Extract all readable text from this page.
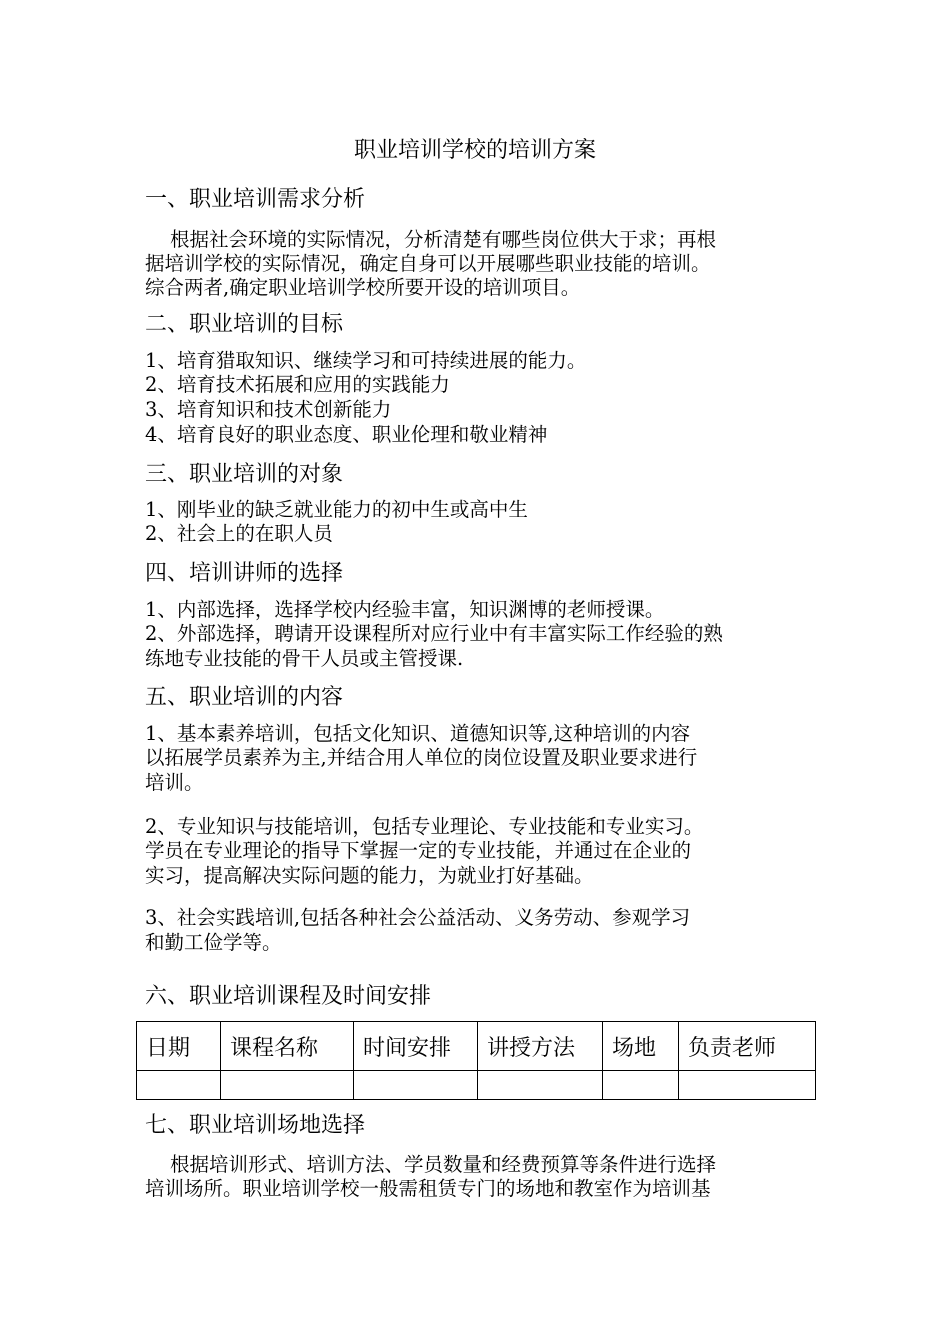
职业培训学校的培训方案
一、职业培训需求分析
根据社会环境的实际情况，分析清楚有哪些岗位供大于求；再根
据培训学校的实际情况，确定自身可以开展哪些职业技能的培训。
综合两者,确定职业培训学校所要开设的培训项目。
二、职业培训的目标
1、培育猎取知识、继续学习和可持续进展的能力。
2、培育技术拓展和应用的实践能力
3、培育知识和技术创新能力
4、培育良好的职业态度、职业伦理和敬业精神
三、职业培训的对象
1、刚毕业的缺乏就业能力的初中生或高中生
2、社会上的在职人员
四、培训讲师的选择
1、内部选择，选择学校内经验丰富，知识渊博的老师授课。
2、外部选择，聘请开设课程所对应行业中有丰富实际工作经验的熟
练地专业技能的骨干人员或主管授课.
五、职业培训的内容
1、基本素养培训，包括文化知识、道德知识等,这种培训的内容
以拓展学员素养为主,并结合用人单位的岗位设置及职业要求进行
培训。
2、专业知识与技能培训，包括专业理论、专业技能和专业实习。
学员在专业理论的指导下掌握一定的专业技能，并通过在企业的
实习，提高解决实际问题的能力，为就业打好基础。
3、社会实践培训,包括各种社会公益活动、义务劳动、参观学习
和勤工俭学等。
六、职业培训课程及时间安排
日期	课程名称	时间安排	讲授方法	场地	负责老师

七、职业培训场地选择
根据培训形式、培训方法、学员数量和经费预算等条件进行选择
培训场所。职业培训学校一般需租赁专门的场地和教室作为培训基
